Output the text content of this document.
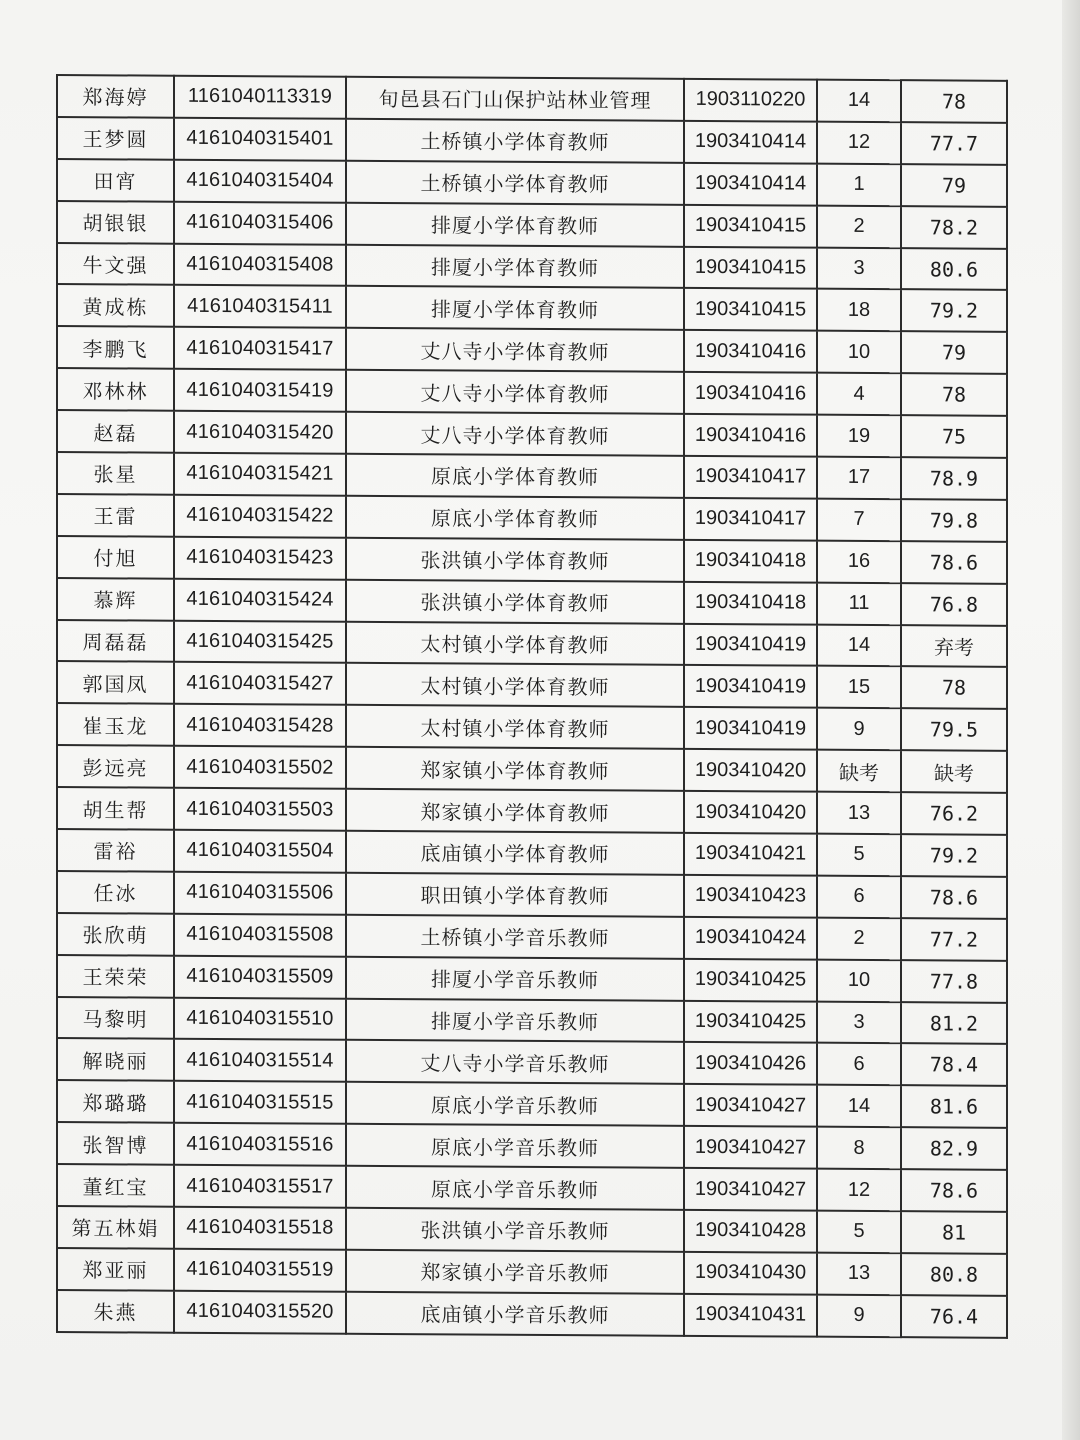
郑海婷	1161040113319	旬邑县石门山保护站林业管理	1903110220	14	78
王梦圆	4161040315401	土桥镇小学体育教师	1903410414	12	77.7
田宵	4161040315404	土桥镇小学体育教师	1903410414	1	79
胡银银	4161040315406	排厦小学体育教师	1903410415	2	78.2
牛文强	4161040315408	排厦小学体育教师	1903410415	3	80.6
黄成栋	4161040315411	排厦小学体育教师	1903410415	18	79.2
李鹏飞	4161040315417	丈八寺小学体育教师	1903410416	10	79
邓林林	4161040315419	丈八寺小学体育教师	1903410416	4	78
赵磊	4161040315420	丈八寺小学体育教师	1903410416	19	75
张星	4161040315421	原底小学体育教师	1903410417	17	78.9
王雷	4161040315422	原底小学体育教师	1903410417	7	79.8
付旭	4161040315423	张洪镇小学体育教师	1903410418	16	78.6
慕辉	4161040315424	张洪镇小学体育教师	1903410418	11	76.8
周磊磊	4161040315425	太村镇小学体育教师	1903410419	14	弃考
郭国凤	4161040315427	太村镇小学体育教师	1903410419	15	78
崔玉龙	4161040315428	太村镇小学体育教师	1903410419	9	79.5
彭远亮	4161040315502	郑家镇小学体育教师	1903410420	缺考	缺考
胡生帮	4161040315503	郑家镇小学体育教师	1903410420	13	76.2
雷裕	4161040315504	底庙镇小学体育教师	1903410421	5	79.2
任冰	4161040315506	职田镇小学体育教师	1903410423	6	78.6
张欣萌	4161040315508	土桥镇小学音乐教师	1903410424	2	77.2
王荣荣	4161040315509	排厦小学音乐教师	1903410425	10	77.8
马黎明	4161040315510	排厦小学音乐教师	1903410425	3	81.2
解晓丽	4161040315514	丈八寺小学音乐教师	1903410426	6	78.4
郑璐璐	4161040315515	原底小学音乐教师	1903410427	14	81.6
张智博	4161040315516	原底小学音乐教师	1903410427	8	82.9
董红宝	4161040315517	原底小学音乐教师	1903410427	12	78.6
第五林娟	4161040315518	张洪镇小学音乐教师	1903410428	5	81
郑亚丽	4161040315519	郑家镇小学音乐教师	1903410430	13	80.8
朱燕	4161040315520	底庙镇小学音乐教师	1903410431	9	76.4
